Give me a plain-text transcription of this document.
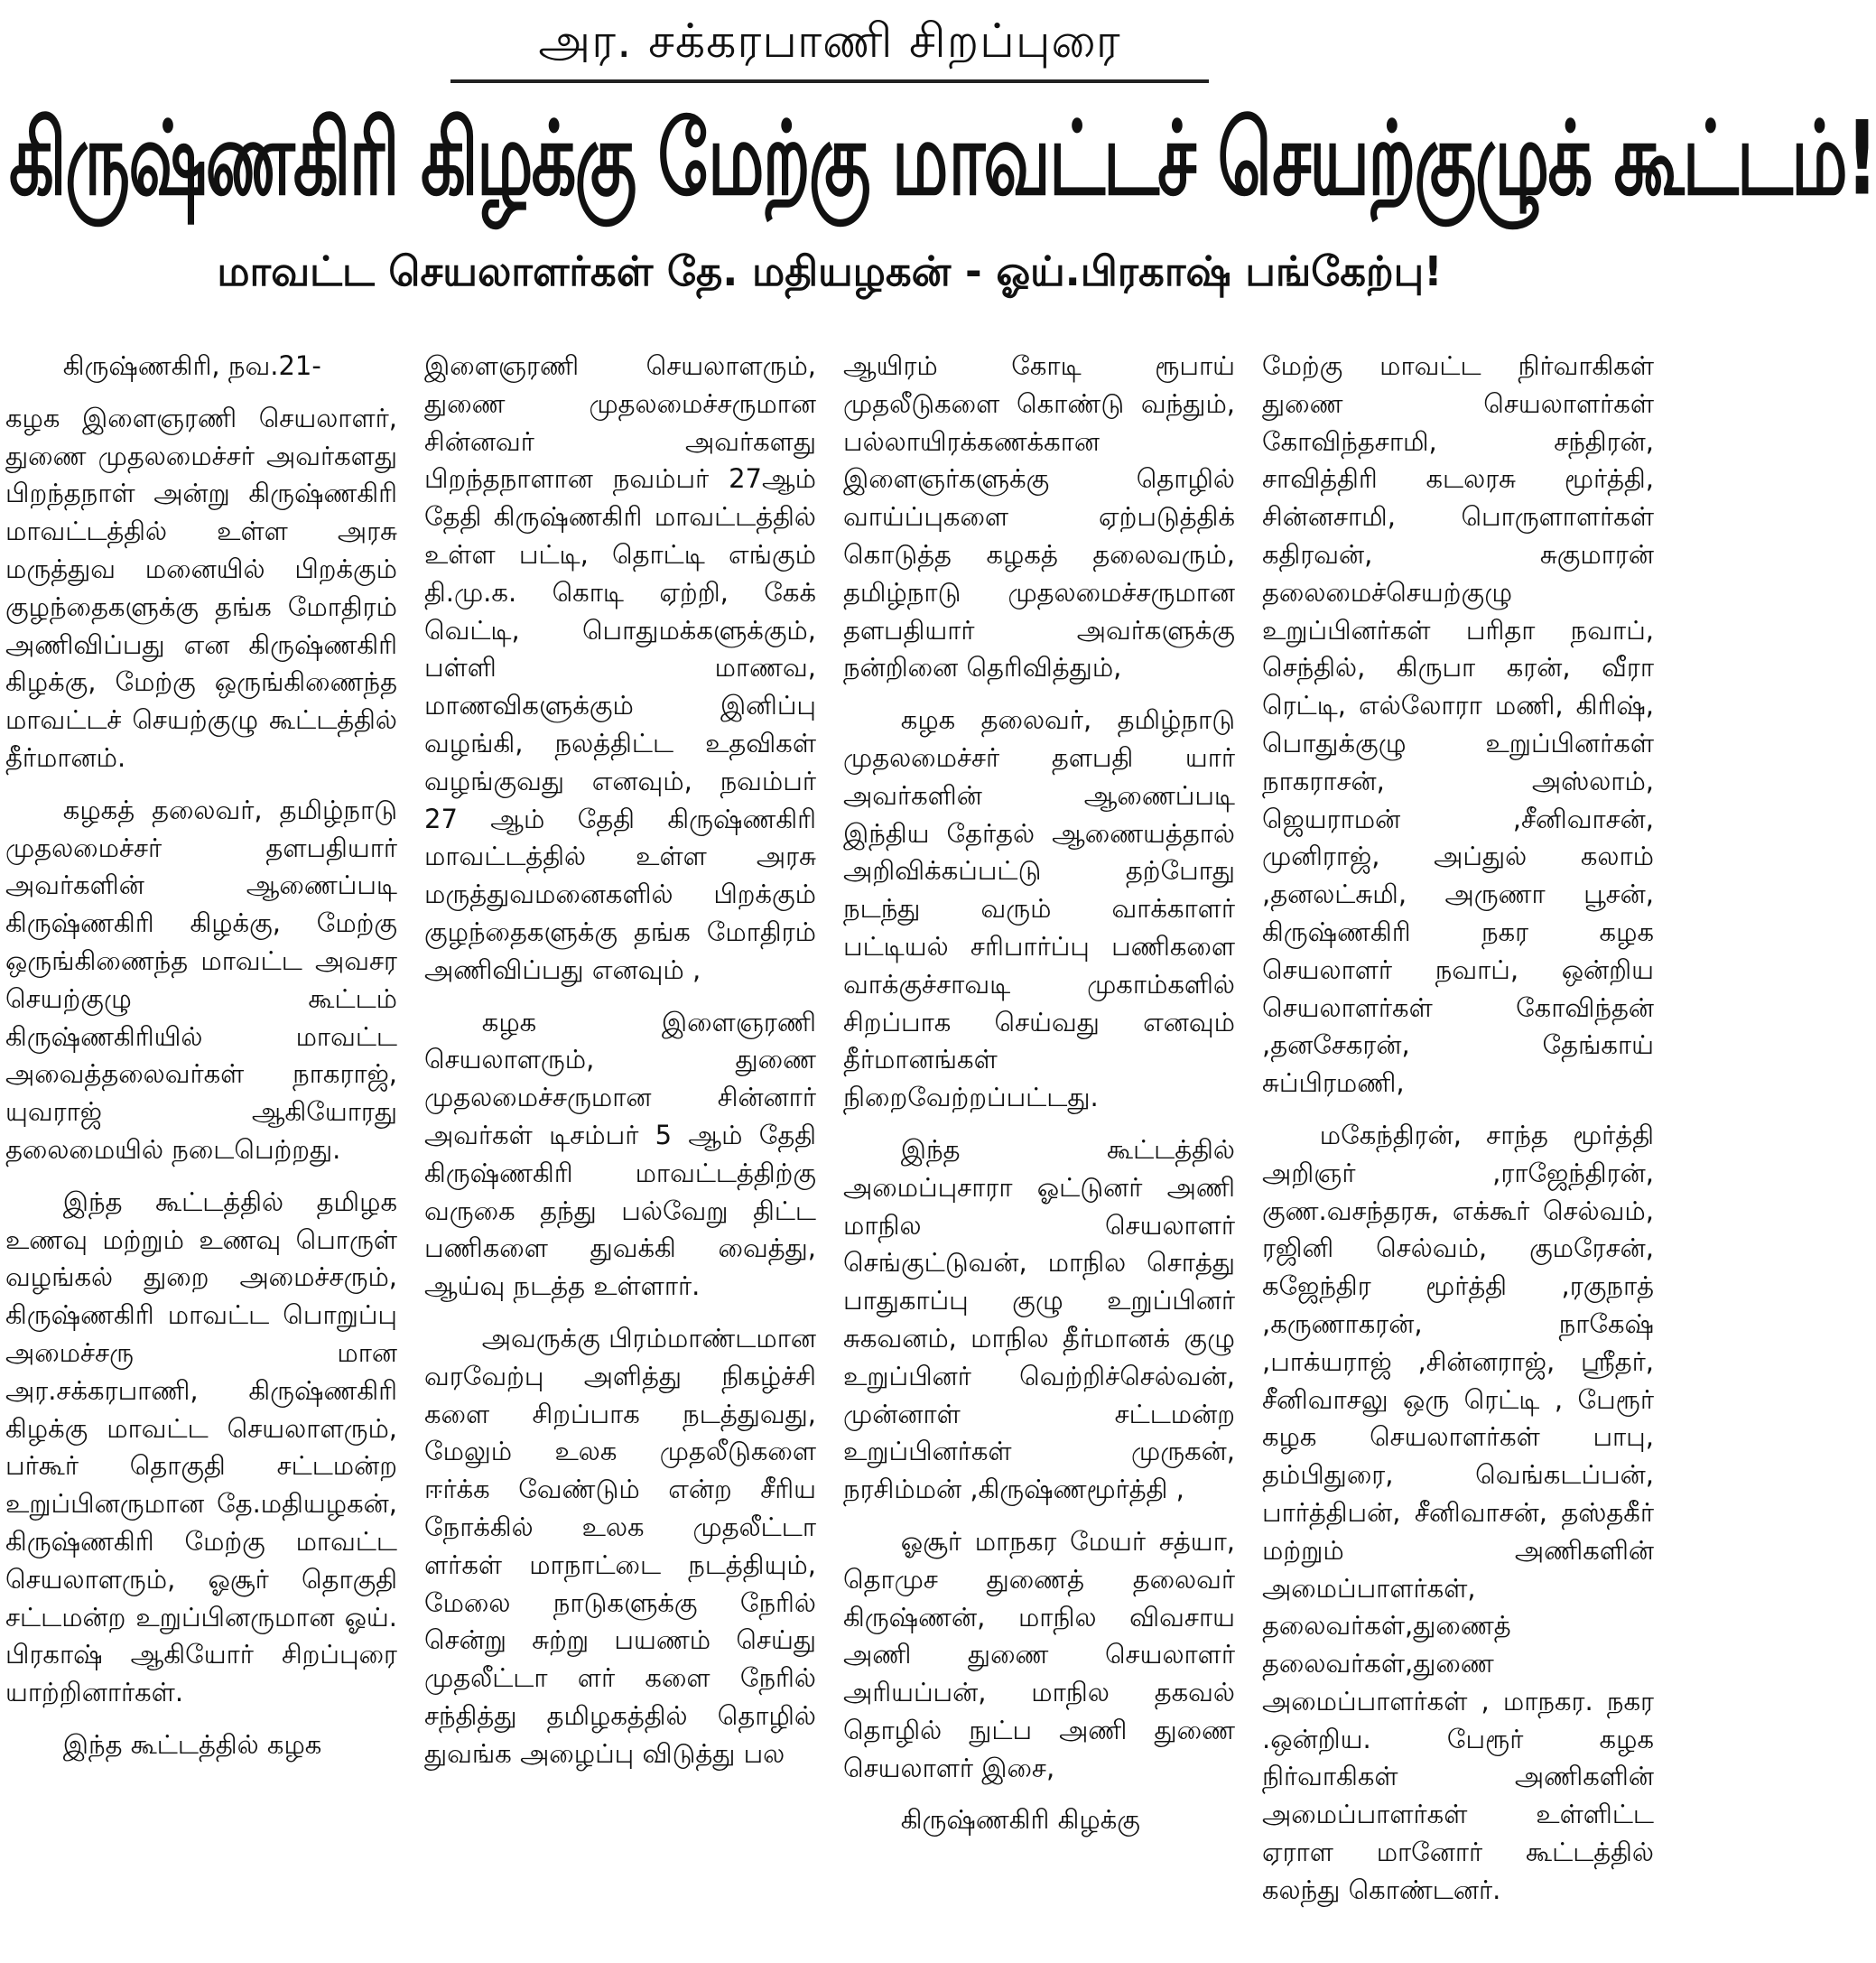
அர. சக்கரபாணி சிறப்புரை
கிருஷ்ணகிரி கிழக்கு மேற்கு மாவட்டச் செயற்குழுக் கூட்டம்!
மாவட்ட செயலாளர்கள் தே. மதியழகன் - ஓய்.பிரகாஷ் பங்கேற்பு!

கிருஷ்ணகிரி, நவ.21-

கழக இளைஞரணி செயலாளர், துணை முதலமைச்சர் அவர்களது பிறந்தநாள் அன்று கிருஷ்ணகிரி மாவட்டத்தில் உள்ள அரசு மருத்துவ மனையில் பிறக்கும் குழந்தைகளுக்கு தங்க மோதிரம் அணிவிப்பது என கிருஷ்ணகிரி கிழக்கு, மேற்கு ஒருங்கிணைந்த மாவட்டச் செயற்குழு கூட்டத்தில் தீர்மானம்.

கழகத் தலைவர், தமிழ்நாடு முதலமைச்சர் தளபதியார் அவர்களின் ஆணைப்படி கிருஷ்ணகிரி கிழக்கு, மேற்கு ஒருங்கிணைந்த மாவட்ட அவசர செயற்குழு கூட்டம் கிருஷ்ணகிரியில் மாவட்ட அவைத்தலைவர்கள் நாகராஜ், யுவராஜ் ஆகியோரது தலைமையில் நடைபெற்றது.

இந்த கூட்டத்தில் தமிழக உணவு மற்றும் உணவு பொருள் வழங்கல் துறை அமைச்சரும், கிருஷ்ணகிரி மாவட்ட பொறுப்பு அமைச்சரு மான அர.சக்கரபாணி, கிருஷ்ணகிரி கிழக்கு மாவட்ட செயலாளரும், பர்கூர் தொகுதி சட்டமன்ற உறுப்பினருமான தே.மதியழகன், கிருஷ்ணகிரி மேற்கு மாவட்ட செயலாளரும், ஓசூர் தொகுதி சட்டமன்ற உறுப்பினருமான ஓய். பிரகாஷ் ஆகியோர் சிறப்புரை யாற்றினார்கள்.

இந்த கூட்டத்தில் கழக

இளைஞரணி செயலாளரும், துணை முதலமைச்சருமான சின்னவர் அவர்களது பிறந்தநாளான நவம்பர் 27ஆம் தேதி கிருஷ்ணகிரி மாவட்டத்தில் உள்ள பட்டி, தொட்டி எங்கும் தி.மு.க. கொடி ஏற்றி, கேக் வெட்டி, பொதுமக்களுக்கும், பள்ளி மாணவ, மாணவிகளுக்கும் இனிப்பு வழங்கி, நலத்திட்ட உதவிகள் வழங்குவது எனவும், நவம்பர் 27 ஆம் தேதி கிருஷ்ணகிரி மாவட்டத்தில் உள்ள அரசு மருத்துவமனைகளில் பிறக்கும் குழந்தைகளுக்கு தங்க மோதிரம் அணிவிப்பது எனவும் ,

கழக இளைஞரணி செயலாளரும், துணை முதலமைச்சருமான சின்னார் அவர்கள் டிசம்பர் 5 ஆம் தேதி கிருஷ்ணகிரி மாவட்டத்திற்கு வருகை தந்து பல்வேறு திட்ட பணிகளை துவக்கி வைத்து, ஆய்வு நடத்த உள்ளார்.

அவருக்கு பிரம்மாண்டமான வரவேற்பு அளித்து நிகழ்ச்சி களை சிறப்பாக நடத்துவது, மேலும் உலக முதலீடுகளை ஈர்க்க வேண்டும் என்ற சீரிய நோக்கில் உலக முதலீட்டா ளர்கள் மாநாட்டை நடத்தியும், மேலை நாடுகளுக்கு நேரில் சென்று சுற்று பயணம் செய்து முதலீட்டா ளர் களை நேரில் சந்தித்து தமிழகத்தில் தொழில் துவங்க அழைப்பு விடுத்து பல

ஆயிரம் கோடி ரூபாய் முதலீடுகளை கொண்டு வந்தும், பல்லாயிரக்கணக்கான இளைஞர்களுக்கு தொழில் வாய்ப்புகளை ஏற்படுத்திக் கொடுத்த கழகத் தலைவரும், தமிழ்நாடு முதலமைச்சருமான தளபதியார் அவர்களுக்கு நன்றினை தெரிவித்தும்,

கழக தலைவர், தமிழ்நாடு முதலமைச்சர் தளபதி யார் அவர்களின் ஆணைப்படி இந்திய தேர்தல் ஆணையத்தால் அறிவிக்கப்பட்டு தற்போது நடந்து வரும் வாக்காளர் பட்டியல் சரிபார்ப்பு பணிகளை வாக்குச்சாவடி முகாம்களில் சிறப்பாக செய்வது எனவும் தீர்மானங்கள் நிறைவேற்றப்பட்டது.

இந்த கூட்டத்தில் அமைப்புசாரா ஓட்டுனர் அணி மாநில செயலாளர் செங்குட்டுவன், மாநில சொத்து பாதுகாப்பு குழு உறுப்பினர் சுகவனம், மாநில தீர்மானக் குழு உறுப்பினர் வெற்றிச்செல்வன், முன்னாள் சட்டமன்ற உறுப்பினர்கள் முருகன், நரசிம்மன் ,கிருஷ்ணமூர்த்தி ,

ஓசூர் மாநகர மேயர் சத்யா, தொமுச துணைத் தலைவர் கிருஷ்ணன், மாநில விவசாய அணி துணை செயலாளர் அரியப்பன், மாநில தகவல் தொழில் நுட்ப அணி துணை செயலாளர் இசை,

கிருஷ்ணகிரி கிழக்கு

மேற்கு மாவட்ட நிர்வாகிகள் துணை செயலாளர்கள் கோவிந்தசாமி, சந்திரன், சாவித்திரி கடலரசு மூர்த்தி, சின்னசாமி, பொருளாளர்கள் கதிரவன், சுகுமாரன் தலைமைச்செயற்குழு உறுப்பினர்கள் பரிதா நவாப், செந்தில், கிருபா கரன், வீரா ரெட்டி, எல்லோரா மணி, கிரிஷ், பொதுக்குழு உறுப்பினர்கள் நாகராசன், அஸ்லாம், ஜெயராமன் ,சீனிவாசன், முனிராஜ், அப்துல் கலாம் ,தனலட்சுமி, அருணா பூசன், கிருஷ்ணகிரி நகர கழக செயலாளர் நவாப், ஒன்றிய செயலாளர்கள் கோவிந்தன் ,தனசேகரன், தேங்காய் சுப்பிரமணி,

மகேந்திரன், சாந்த மூர்த்தி அறிஞர் ,ராஜேந்திரன், குண.வசந்தரசு, எக்கூர் செல்வம், ரஜினி செல்வம், குமரேசன், கஜேந்திர மூர்த்தி ,ரகுநாத் ,கருணாகரன், நாகேஷ் ,பாக்யராஜ் ,சின்னராஜ், ஸ்ரீதர், சீனிவாசலு ஒரு ரெட்டி , பேரூர் கழக செயலாளர்கள் பாபு, தம்பிதுரை, வெங்கடப்பன், பார்த்திபன், சீனிவாசன், தஸ்தகீர் மற்றும் அணிகளின் அமைப்பாளர்கள், தலைவர்கள்,துணைத் தலைவர்கள்,துணை அமைப்பாளர்கள் , மாநகர. நகர .ஒன்றிய. பேரூர் கழக நிர்வாகிகள் அணிகளின் அமைப்பாளர்கள் உள்ளிட்ட ஏராள மானோர் கூட்டத்தில் கலந்து கொண்டனர்.
